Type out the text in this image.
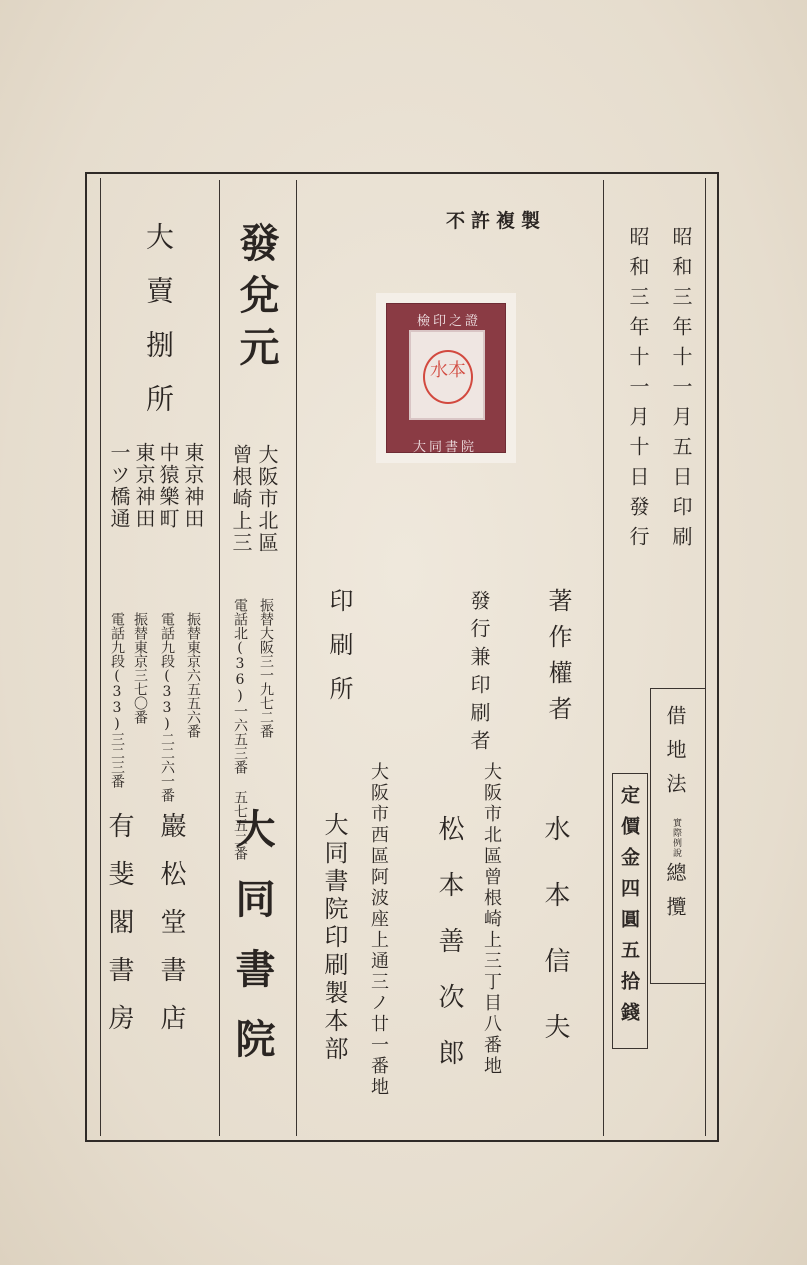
昭和三年十一月五日印刷
昭和三年十一月十日發行
借地法
實際例說
總攬
定價金四圓五拾錢
不許複製
檢印之證
水本
大同書院
著作權者
水本信夫
大阪市北區曾根崎上三丁目八番地
發行兼印刷者
松本善次郎
大阪市西區阿波座上通三ノ廿一番地
印刷所
大同書院印刷製本部
發兌元
大阪市北區
曾根崎上三
振替大阪三一九七二番
電話北(36)一六五三番 五七五二番
大同書院
大賣捌所
東京神田
中猿樂町
振替東京六五五六番
電話九段(33)二二六一番
巖松堂書店
東京神田
一ツ橋通
振替東京三七〇番
電話九段(33)三二三番
有斐閣書房
